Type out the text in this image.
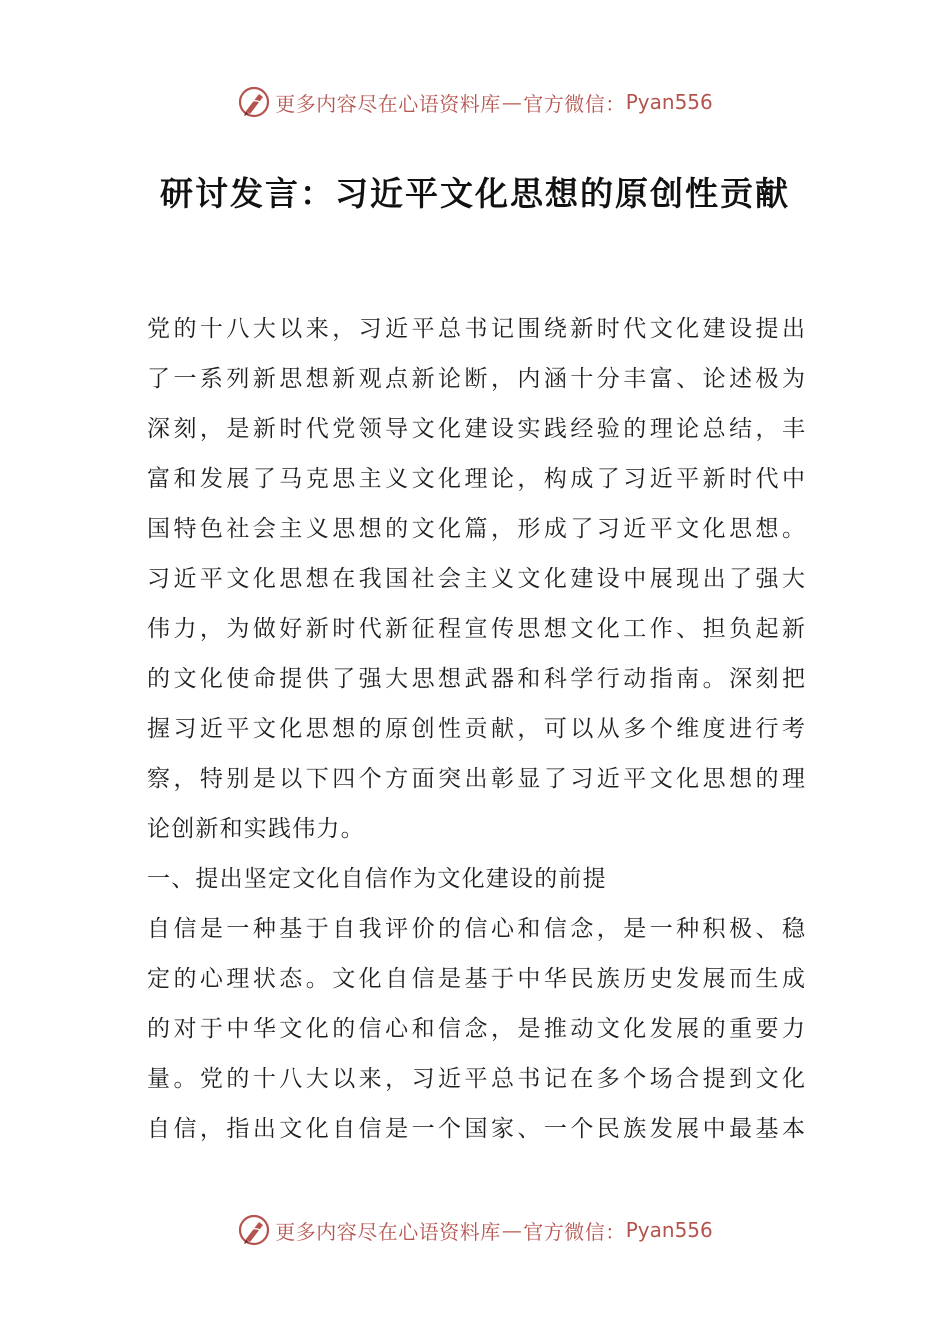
更多内容尽在心语资料库 — 官方微信： Pyan556
研讨发言：习近平文化思想的原创性贡献
党的十八大以来，习近平总书记围绕新时代文化建设提出
了一系列新思想新观点新论断，内涵十分丰富、论述极为
深刻，是新时代党领导文化建设实践经验的理论总结，丰
富和发展了马克思主义文化理论，构成了习近平新时代中
国特色社会主义思想的文化篇，形成了习近平文化思想。
习近平文化思想在我国社会主义文化建设中展现出了强大
伟力，为做好新时代新征程宣传思想文化工作、担负起新
的文化使命提供了强大思想武器和科学行动指南。深刻把
握习近平文化思想的原创性贡献，可以从多个维度进行考
察，特别是以下四个方面突出彰显了习近平文化思想的理
论创新和实践伟力。
一、提出坚定文化自信作为文化建设的前提
自信是一种基于自我评价的信心和信念，是一种积极、稳
定的心理状态。文化自信是基于中华民族历史发展而生成
的对于中华文化的信心和信念，是推动文化发展的重要力
量。党的十八大以来，习近平总书记在多个场合提到文化
自信，指出文化自信是一个国家、一个民族发展中最基本
更多内容尽在心语资料库 — 官方微信： Pyan556
